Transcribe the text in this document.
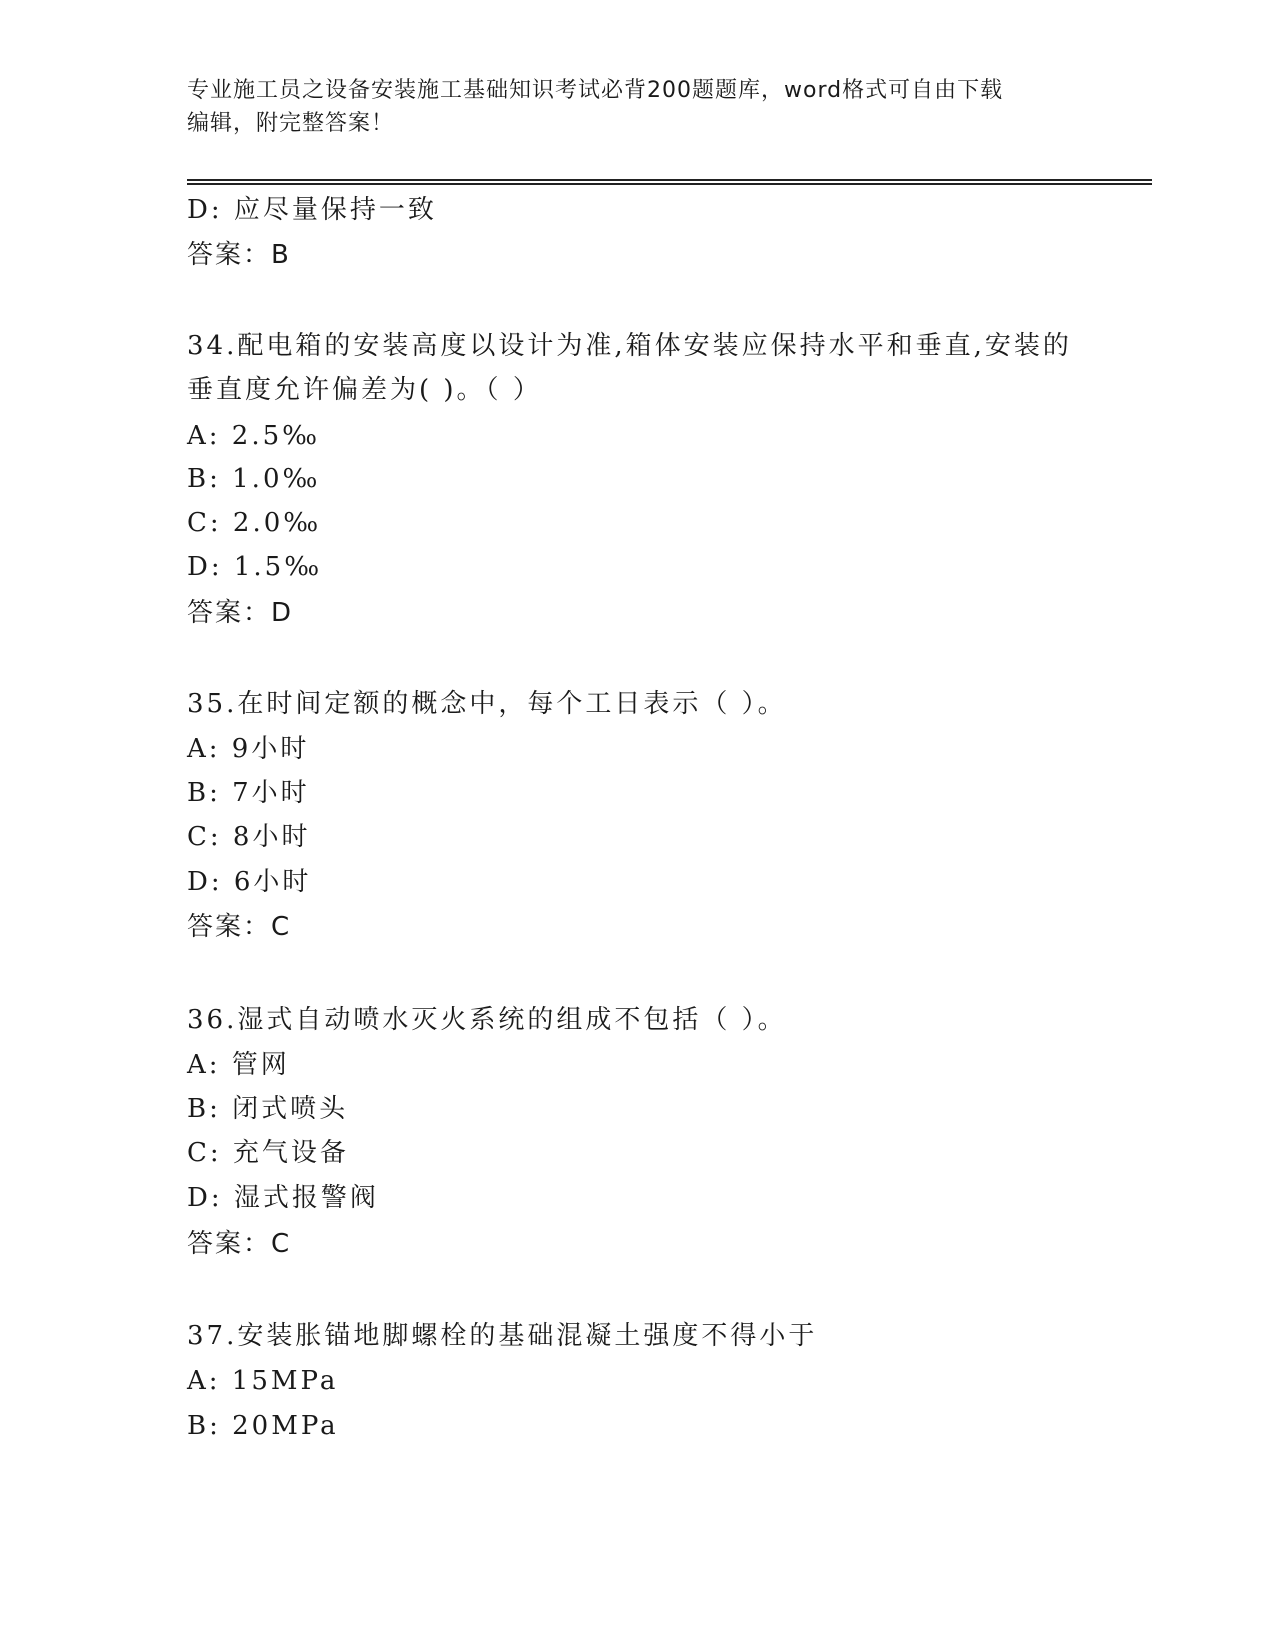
专业施工员之设备安装施工基础知识考试必背200题题库，word格式可自由下载
编辑，附完整答案！
D: 应尽量保持一致
答案：B
34.配电箱的安装高度以设计为准,箱体安装应保持水平和垂直,安装的
垂直度允许偏差为( )。（ ）
A: 2.5‰
B: 1.0‰
C: 2.0‰
D: 1.5‰
答案：D
35.在时间定额的概念中，每个工日表示（ ）。
A: 9小时
B: 7小时
C: 8小时
D: 6小时
答案：C
36.湿式自动喷水灭火系统的组成不包括（ ）。
A: 管网
B: 闭式喷头
C: 充气设备
D: 湿式报警阀
答案：C
37.安装胀锚地脚螺栓的基础混凝土强度不得小于
A: 15MPa
B: 20MPa
